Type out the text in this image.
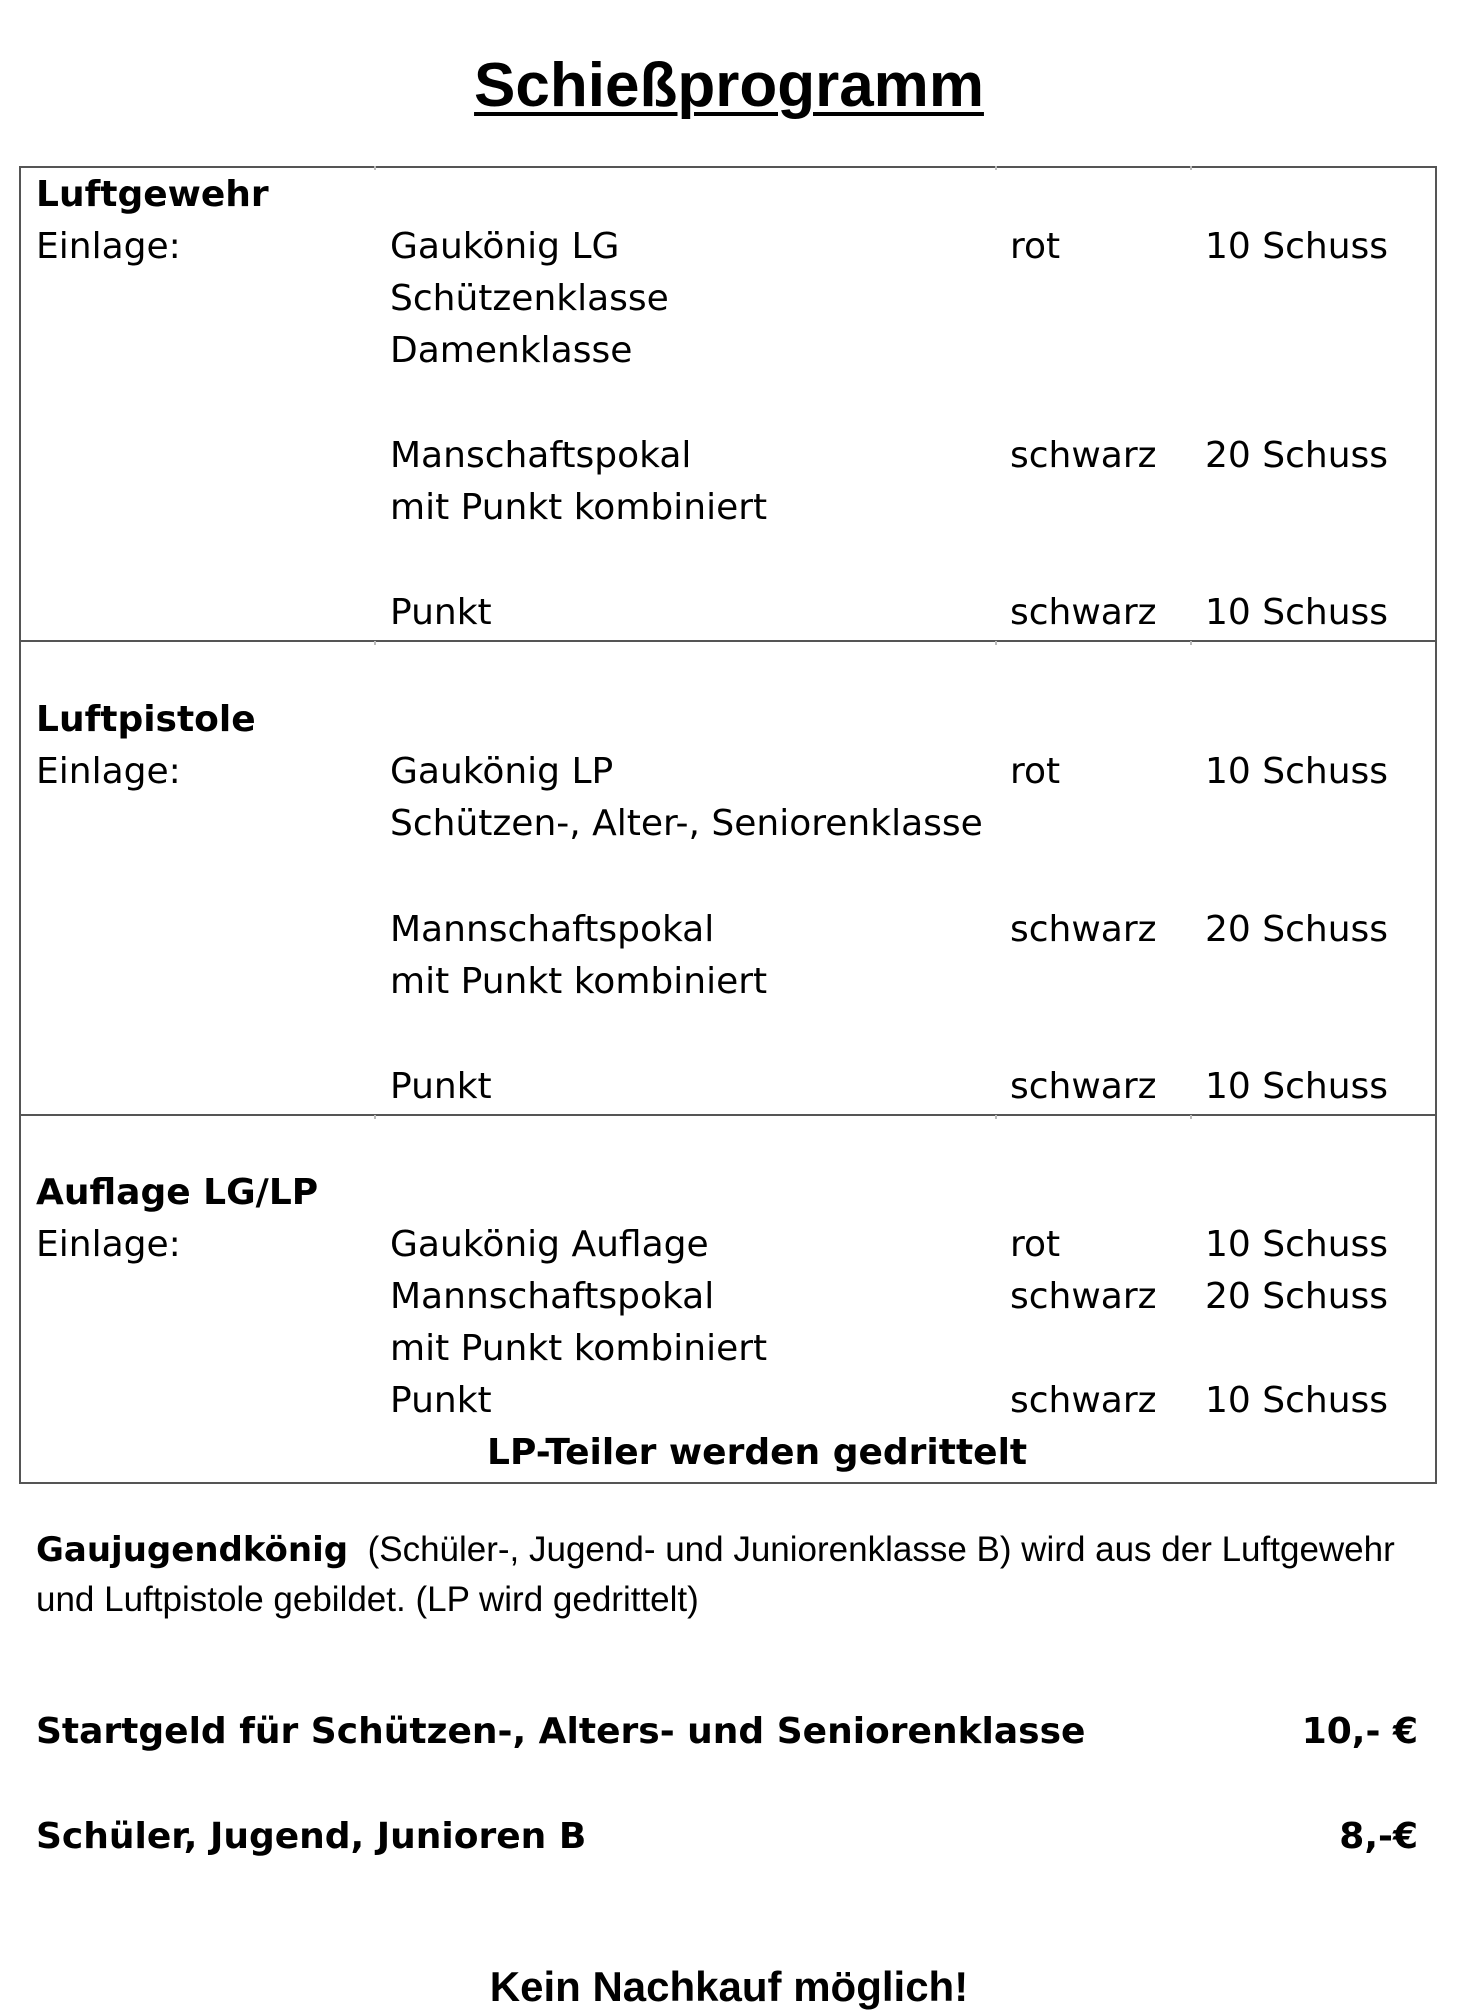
Schießprogramm
Luftgewehr
Einlage:	Gaukönig LG	rot	10 Schuss
Schützenklasse
Damenklasse
Manschaftspokal	schwarz 20 Schuss
mit Punkt kombiniert
Punkt	schwarz 10 Schuss
Luftpistole
Einlage:	Gaukönig LP	rot	10 Schuss
Schützen-, Alter-, Seniorenklasse
Mannschaftspokal	schwarz 20 Schuss
mit Punkt kombiniert
Punkt	schwarz 10 Schuss
Auflage LG/LP
Einlage:	Gaukönig Auflage	rot	10 Schuss
Mannschaftspokal	schwarz 20 Schuss
mit Punkt kombiniert
Punkt	schwarz 10 Schuss
LP-Teiler werden gedrittelt
Gaujugendkönig (Schüler-, Jugend- und Juniorenklasse B) wird aus der Luftgewehr
und Luftpistole gebildet. (LP wird gedrittelt)
Startgeld für Schützen-, Alters- und Seniorenklasse	10,- €
Schüler, Jugend, Junioren B	8,-€
Kein Nachkauf möglich!
